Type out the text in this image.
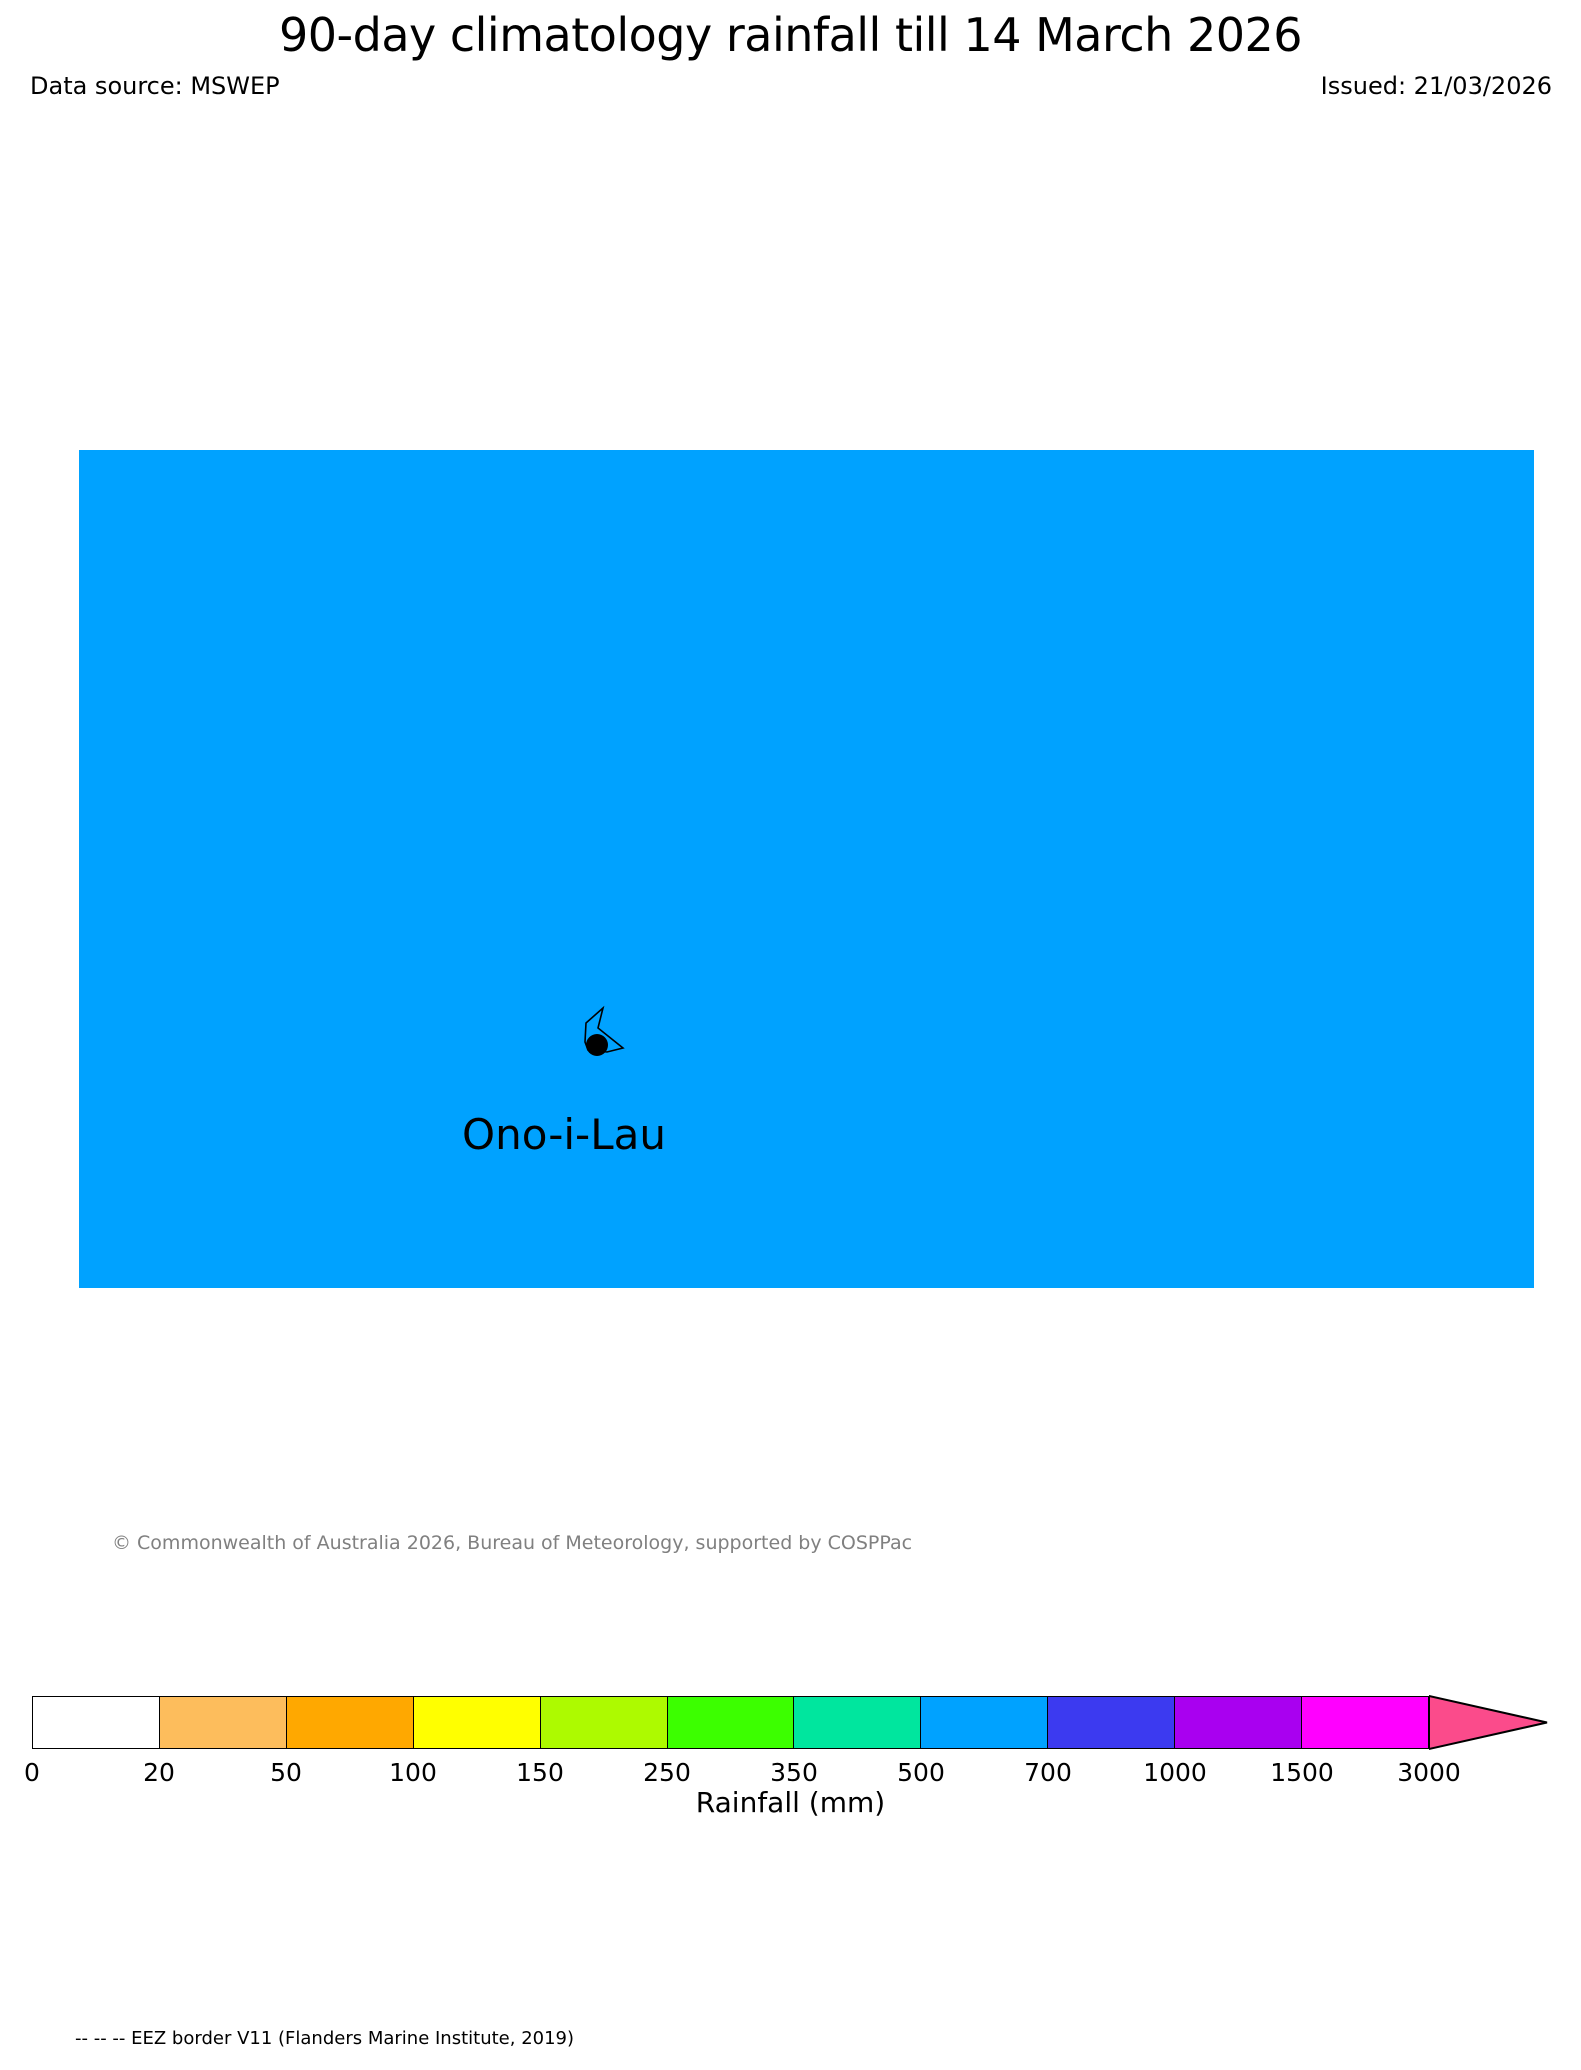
90-day climatology rainfall till 14 March 2026
Data source: MSWEP	Issued: 21/03/2026
Ono-i-Lau
© Commonwealth of Australia 2026, Bureau of Meteorology, supported by COSPPac
0	20	50	100	150	250	350	500	700	1000	1500	3000
Rainfall (mm)
-- -- -- EEZ border V11 (Flanders Marine Institute, 2019)
